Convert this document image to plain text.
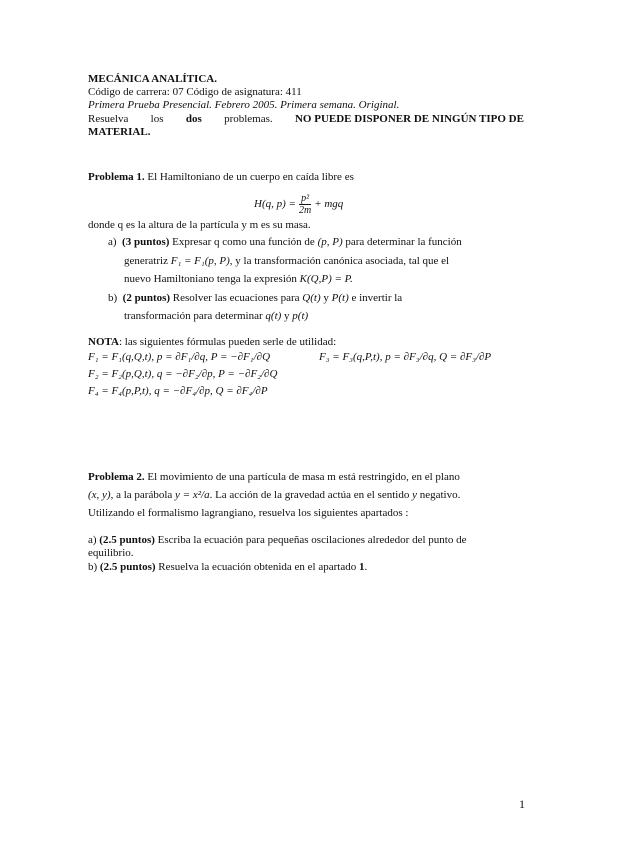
MECÁNICA ANALÍTICA.
Código de carrera: 07 Código de asignatura: 411
Primera Prueba Presencial. Febrero 2005. Primera semana. Original.
Resuelva los dos problemas. NO PUEDE DISPONER DE NINGÚN TIPO DE
MATERIAL.
Problema 1. El Hamiltoniano de un cuerpo en caída libre es
H(q, $p) = \frac{\text{p²}}{2m}$ + mgq
donde q es la altura de la partícula y m es su masa.
a) (3 puntos) Expresar q como una función de (p, P) para determinar la función
generatriz F₁ = F₁(p, P), y la transformación canónica asociada, tal que el
nuevo Hamiltoniano tenga la expresión K(Q,P) = P.
b) (2 puntos) Resolver las ecuaciones para Q(t) y P(t) e invertir la
transformación para determinar q(t) y p(t)
NOTA: las siguientes fórmulas pueden serle de utilidad:
F₁ = F₁(q,Q,t), p = ∂F₁/∂q, P = −∂F₁/∂Q	F₃ = F₃(q,P,t), p = ∂F₃/∂q, Q = ∂F₃/∂P
F₂ = F₂(p,Q,t), q = −∂F₂/∂p, P = −∂F₂/∂Q
F₄ = F₄(p,P,t), q = −∂F₄/∂p, Q = ∂F₄/∂P
Problema 2. El movimiento de una partícula de masa m está restringido, en el plano
(x, y), a la parábola y = x²/a. La acción de la gravedad actúa en el sentido y negativo.
Utilizando el formalismo lagrangiano, resuelva los siguientes apartados :
a) (2.5 puntos) Escriba la ecuación para pequeñas oscilaciones alrededor del punto de
equilibrio.
b) (2.5 puntos) Resuelva la ecuación obtenida en el apartado 1.
1
